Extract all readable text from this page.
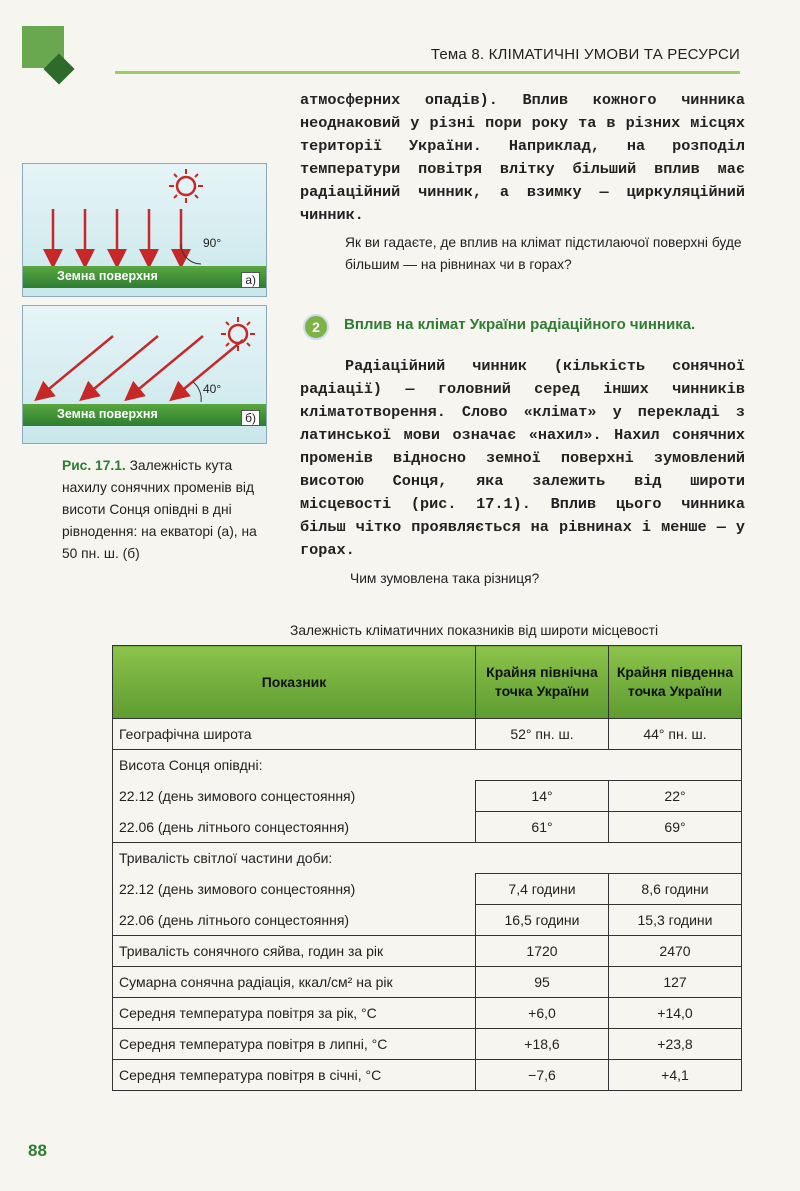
Тема 8. КЛІМАТИЧНІ УМОВИ ТА РЕСУРСИ
атмосферних опадів). Вплив кожного чинника неоднаковий у різні пори року та в різних місцях території України. Наприклад, на розподіл температури повітря влітку більший вплив має радіаційний чинник, а взимку — циркуляційний чинник.
Як ви гадаєте, де вплив на клімат підстилаючої поверхні буде більшим — на рівнинах чи в горах?
90°
Земна поверхня	а)
40°
Земна поверхня	б)
Рис. 17.1. Залежність кута нахилу сонячних променів від висоти Сонця опівдні в дні рівнодення: на екваторі (а), на 50 пн. ш. (б)
2	Вплив на клімат України радіаційного чинника.
Радіаційний чинник (кількість сонячної радіації) — головний серед інших чинників кліматотворення. Слово «клімат» у перекладі з латинської мови означає «нахил». Нахил сонячних променів відносно земної поверхні зумовлений висотою Сонця, яка залежить від широти місцевості (рис. 17.1). Вплив цього чинника більш чітко проявляється на рівнинах і менше — у горах.
Чим зумовлена така різниця?
Залежність кліматичних показників від широти місцевості
Показник	Крайня північна точка України	Крайня південна точка України
Географічна широта	52° пн. ш.	44° пн. ш.
Висота Сонця опівдні:		
22.12 (день зимового сонцестояння)	14°	22°
22.06 (день літнього сонцестояння)	61°	69°
Тривалість світлої частини доби:		
22.12 (день зимового сонцестояння)	7,4 години	8,6 години
22.06 (день літнього сонцестояння)	16,5 години	15,3 години
Тривалість сонячного сяйва, годин за рік	1720	2470
Сумарна сонячна радіація, ккал/см² на рік	95	127
Середня температура повітря за рік, °С	+6,0	+14,0
Середня температура повітря в липні, °С	+18,6	+23,8
Середня температура повітря в січні, °С	−7,6	+4,1
88
